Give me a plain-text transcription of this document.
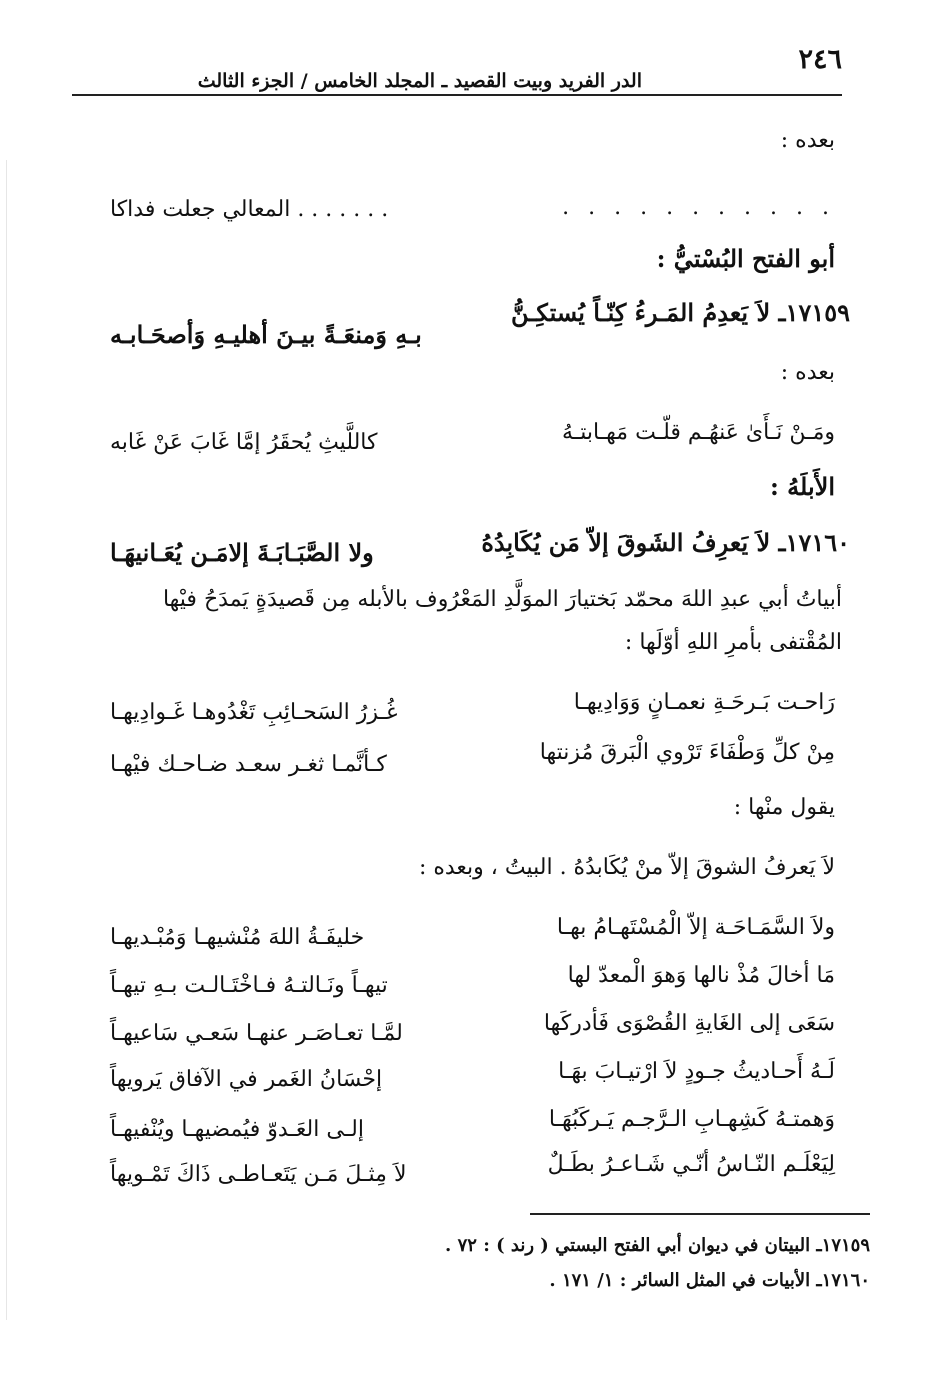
٢٤٦
الدر الفريد وبيت القصيد ـ المجلد الخامس / الجزء الثالث
بعده :
. . . . . . . . . . .
. . . . . . . المعالي جعلت فداكا
أبو الفتح البُسْتيُّ :
١٧١٥٩ـ لاَ يَعدِمُ المَـرءُ كِنّـاً يُستكِـنُّ
بـهِ وَمنعَـةً بيـنَ أهليـهِ وَأصحَـابـه
بعده :
ومَـنْ نَـأَىٰ عَنهُـم قلّـت مَهـابتـهُ
كاللَّيثِ يُحقَرُ إمَّا غَابَ عَنْ غَابه
الأَبلَهُ :
١٧١٦٠ـ لاَ يَعرِفُ الشَوقَ إلاّ مَن يُكَابِدُهُ
ولا الصَّبَـابَـةَ إلامَـن يُعَـانيهَـا
أبياتُ أبي عبدِ اللهَ محمّد بَختيارَ الموَلَّدِ المَعْرُوف بالأبله مِن قَصيدَةٍ يَمدَحُ فيْها
المُقْتفى بأمرِ اللهِ أوّلَها :
رَاحـت بَـرحَـةِ نعمـانٍ وَوَادِيهـا
غُـزرُ السَحـائِبِ تَغْدُوهـا غَـوادِيهـا
مِنْ كلِّ وَطْفَاءَ تَرْوي الْبَرقَ مُزنتها
كـأنَّمـا ثغـر سعـد ضـاحـك فيْهـا
يقول منْها :
لاَ يَعرفُ الشوقَ إلاّ منْ يُكَابدُهُ . البيتُ ، وبعده :
ولاَ السَّمَـاحَـة إلاّ الْمُسْتَهـامُ بهـا
خليفَـةُ اللهَ مُنْشيهـا وَمُبْـديهـا
مَا أخالَ مُذْ نالها وَهوَ الْمعدّ لها
تيهـاً ونَـالتـهُ فـاخْتَـالـت بـهِ تيهـاً
سَعَى إلى الغَايةِ القُصْوَى فَأدركَها
لمَّـا تعـاصَـر عنهـا سَعـي سَاعيهـاً
لَـهُ أَحـاديثُ جـودٍ لاَ ارْتيـابَ بهَـا
إحْسَانُ الغَمر في الآفاق يَرويهاً
وَهمتـهُ كَشِهـابِ الـرَّجـم يَـركَبُهَـا
إلـى العَـدوّ فيُمضيهـا ويُنْفيهـاً
لِيَعْلَـم النّـاسُ أنّـي شَـاعـرُ بطَـلٌ
لاَ مِثـلَ مَـن يَتَعـاطـى ذَاكَ تَمْـويهاً
١٧١٥٩ـ البيتان في ديوان أبي الفتح البستي ( رند ) : ٧٢ .
١٧١٦٠ـ الأبيات في المثل السائر : ١/ ١٧١ .
